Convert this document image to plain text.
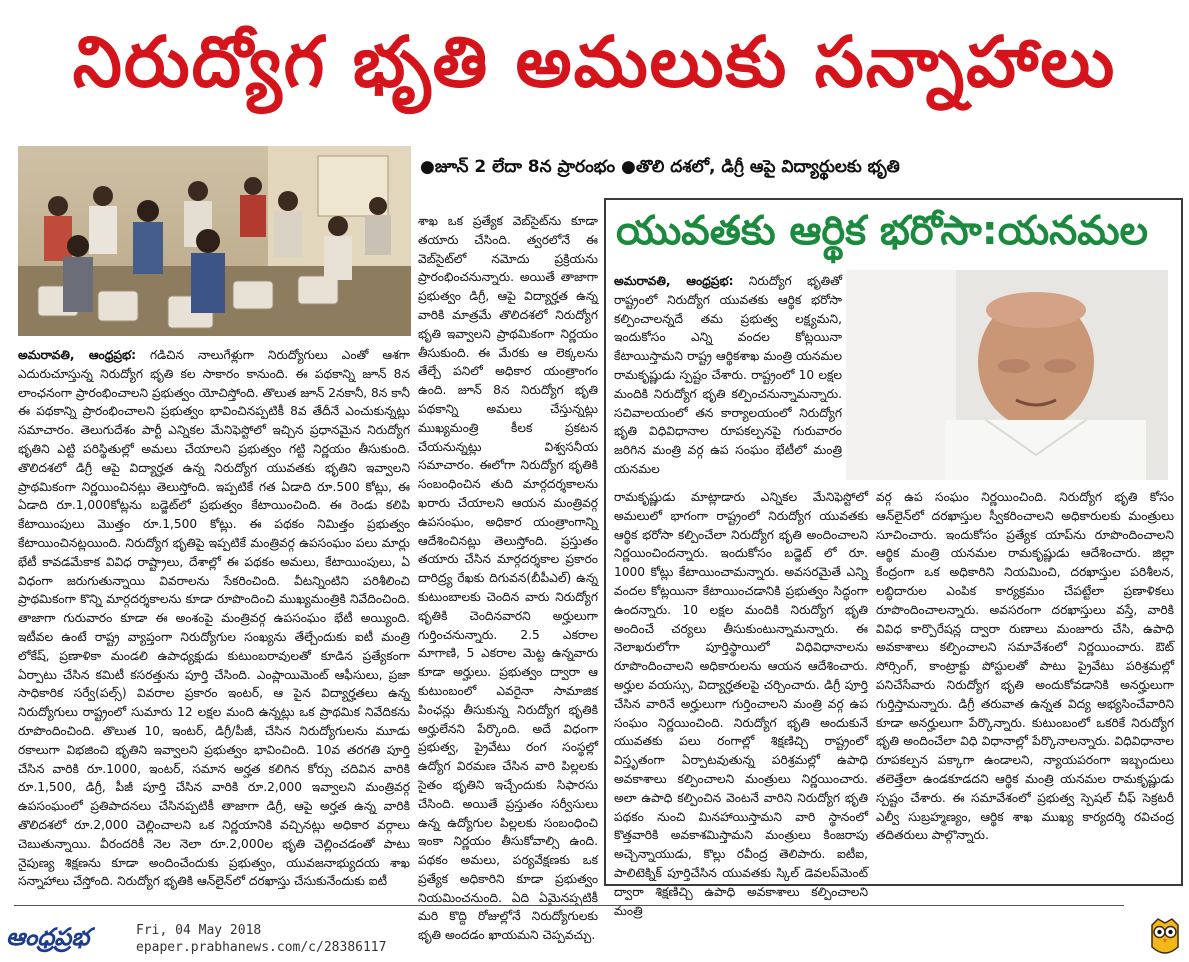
నిరుద్యోగ భృతి అమలుకు సన్నాహాలు
●జూన్ 2 లేదా 8న ప్రారంభం ●తొలి దశలో, డిగ్రీ ఆపై విద్యార్థులకు భృతి
అమరావతి, ఆంధ్రప్రభ: గడిచిన నాలుగేళ్లుగా నిరుద్యోగులు ఎంతో ఆశగా ఎదురుచూస్తున్న నిరుద్యోగ భృతి కల సాకారం కానుంది. ఈ పథకాన్ని జూన్ 8న లాంఛనంగా ప్రారంభించాలని ప్రభుత్వం యోచిస్తోంది. తొలుత జూన్ 2నకానీ, 8న కానీ ఈ పథకాన్ని ప్రారంభించాలని ప్రభుత్వం భావించినప్పటికీ 8వ తేదీనే ఎంచుకున్నట్లు సమాచారం. తెలుగుదేశం పార్టీ ఎన్నికల మేనిఫెస్టోలో ఇచ్చిన ప్రధానమైన నిరుద్యోగ భృతిని ఎట్టి పరిస్థితుల్లో అమలు చేయాలని ప్రభుత్వం గట్టి నిర్ణయం తీసుకుంది. తొలిదశలో డిగ్రీ ఆపై విద్యార్హత ఉన్న నిరుద్యోగ యువతకు భృతిని ఇవ్వాలని ప్రాథమికంగా నిర్ణయించినట్లు తెలుస్తోంది. ఇప్పటికే గత ఏడాది రూ.500 కోట్లు, ఈ ఏడాది రూ.1,000కోట్లను బడ్జెట్‌లో ప్రభుత్వం కేటాయించింది. ఈ రెండు కలిపి కేటాయింపులు మొత్తం రూ.1,500 కోట్లు. ఈ పథకం నిమిత్తం ప్రభుత్వం కేటాయించినట్లయింది. నిరుద్యోగ భృతిపై ఇప్పటికే మంత్రివర్గ ఉపసంఘం పలు మార్లు భేటీ కావడమేకాక వివిధ రాష్ట్రాలు, దేశాల్లో ఈ పథకం అమలు, కేటాయింపులు, ఏ విధంగా జరుగుతున్నాయి వివరాలను సేకరించింది. వీటన్నింటిని పరిశీలించి ప్రాథమికంగా కొన్ని మార్గదర్శకాలను కూడా రూపొందించి ముఖ్యమంత్రికి నివేదించింది. తాజాగా గురువారం కూడా ఈ అంశంపై మంత్రివర్గ ఉపసంఘం భేటీ అయ్యింది. ఇటీవల ఉంటే రాష్ట్ర వ్యాప్తంగా నిరుద్యోగుల సంఖ్యను తేల్చేందుకు ఐటీ మంత్రి లోకేష్, ప్రణాళికా మండలి ఉపాధ్యక్షుడు కుటుంబరావులతో కూడిన ప్రత్యేకంగా ఏర్పాటు చేసిన కమిటీ కసరత్తును పూర్తి చేసింది. ఎంప్లాయిమెంట్ ఆఫీసులు, ప్రజా సాధికారిక సర్వే(పల్స్) వివరాల ప్రకారం ఇంటర్, ఆ పైన విద్యార్హతలు ఉన్న నిరుద్యోగులు రాష్ట్రంలో సుమారు 12 లక్షల మంది ఉన్నట్లు ఒక ప్రాథమిక నివేదికను రూపొందించింది. తొలుత 10, ఇంటర్, డిగ్రీ/పీజీ, చేసిన నిరుద్యోగులను మూడు రకాలుగా విభజించి భృతిని ఇవ్వాలని ప్రభుత్వం భావించింది. 10వ తరగతి పూర్తి చేసిన వారికి రూ.1000, ఇంటర్, సమాన అర్హత కలిగిన కోర్సు చదివిన వారికి రూ.1,500, డిగ్రీ, పీజీ పూర్తి చేసిన వారికి రూ.2,000 ఇవ్వాలని మంత్రివర్గ ఉపసంఘంలో ప్రతిపాదనలు చేసినప్పటికీ తాజాగా డిగ్రీ, ఆపై అర్హత ఉన్న వారికి తొలిదశలో రూ.2,000 చెల్లించాలని ఒక నిర్ణయానికి వచ్చినట్లు అధికార వర్గాలు చెబుతున్నాయి. వీరందరికీ నెల నెలా రూ.2,000ల భృతి చెల్లించడంతో పాటు నైపుణ్య శిక్షణను కూడా అందించేందుకు ప్రభుత్వం, యువజనాభ్యుదయ శాఖ సన్నాహాలు చేస్తోంది. నిరుద్యోగ భృతికి ఆన్‌లైన్‌లో దరఖాస్తు చేసుకునేందుకు ఐటీ
శాఖ ఒక ప్రత్యేక వెబ్‌సైట్‌ను కూడా తయారు చేసింది. త్వరలోనే ఈ వెబ్‌సైట్‌లో నమోదు ప్రక్రియను ప్రారంభించనున్నారు. అయితే తాజాగా ప్రభుత్వం డిగ్రీ, ఆపై విద్యార్హత ఉన్న వారికి మాత్రమే తొలిదశలో నిరుద్యోగ భృతి ఇవ్వాలని ప్రాథమికంగా నిర్ణయం తీసుకుంది. ఈ మేరకు ఆ లెక్కలను తేల్చే పనిలో అధికార యంత్రాంగం ఉంది. జూన్ 8న నిరుద్యోగ భృతి పథకాన్ని అమలు చేస్తున్నట్లు ముఖ్యమంత్రి కీలక ప్రకటన చేయనున్నట్లు విశ్వసనీయ సమాచారం. ఈలోగా నిరుద్యోగ భృతికి సంబంధించిన తుది మార్గదర్శకాలను ఖరారు చేయాలని ఆయన మంత్రివర్గ ఉపసంఘం, అధికార యంత్రాంగాన్ని ఆదేశించినట్లు తెలుస్తోంది. ప్రస్తుతం తయారు చేసిన మార్గదర్శకాల ప్రకారం దారిద్ర్య రేఖకు దిగువన(బీపీఎల్) ఉన్న కుటుంబాలకు చెందిన వారు నిరుద్యోగ భృతికి చెందినవారని అర్హులుగా గుర్తించనున్నారు. 2.5 ఎకరాల మాగాణి, 5 ఎకరాల మెట్ట ఉన్నవారు కూడా అర్హులు. ప్రభుత్వం ద్వారా ఆ కుటుంబంలో ఎవరైనా సామాజిక పింఛన్లు తీసుకున్న నిరుద్యోగ భృతికి అర్హులేనని పేర్కొంది. అదే విధంగా ప్రభుత్వ, ప్రైవేటు రంగ సంస్థల్లో ఉద్యోగ విరమణ చేసిన వారి పిల్లలకు సైతం భృతిని ఇచ్చేందుకు సిఫారసు చేసింది. అయితే ప్రస్తుతం సర్వీసులు ఉన్న ఉద్యోగుల పిల్లలకు సంబంధించి ఇంకా నిర్ణయం తీసుకోవాల్సి ఉంది. పథకం అమలు, పర్యవేక్షణకు ఒక ప్రత్యేక అధికారిని కూడా ప్రభుత్వం నియమించనుంది. ఏది ఏమైనప్పటికీ మరి కొద్ది రోజుల్లోనే నిరుద్యోగులకు భృతి అందడం ఖాయమని చెప్పవచ్చు.
యువతకు ఆర్థిక భరోసా:యనమల
అమరావతి, ఆంధ్రప్రభ: నిరుద్యోగ భృతితో రాష్ట్రంలో నిరుద్యోగ యువతకు ఆర్థిక భరోసా కల్పించాలన్నదే తమ ప్రభుత్వ లక్ష్యమని, ఇందుకోసం ఎన్ని వందల కోట్లయినా కేటాయిస్తామని రాష్ట్ర ఆర్థికశాఖ మంత్రి యనమల రామకృష్ణుడు స్పష్టం చేశారు. రాష్ట్రంలో 10 లక్షల మందికి నిరుద్యోగ భృతి కల్పించనున్నామన్నారు. సచివాలయంలో తన కార్యాలయంలో నిరుద్యోగ భృతి విధివిధానాల రూపకల్పనపై గురువారం జరిగిన మంత్రి వర్గ ఉప సంఘం భేటీలో మంత్రి యనమల
రామకృష్ణుడు మాట్లాడారు ఎన్నికల మేనిఫెస్టోలో అమలులో భాగంగా రాష్ట్రంలో నిరుద్యోగ యువతకు ఆర్థిక భరోసా కల్పించేలా నిరుద్యోగ భృతి అందించాలని నిర్ణయించిందన్నారు. ఇందుకోసం బడ్జెట్ లో రూ. 1000 కోట్లు కేటాయించామన్నారు. అవసరమైతే ఎన్ని వందల కోట్లయినా కేటాయించడానికి ప్రభుత్వం సిద్ధంగా ఉందన్నారు. 10 లక్షల మందికి నిరుద్యోగ భృతి అందించే చర్యలు తీసుకుంటున్నామన్నారు. ఈ నెలాఖరులోగా పూర్తిస్థాయిలో విధివిధానాలను రూపొందించాలని అధికారులను ఆయన ఆదేశించారు. అర్హుల వయస్సు, విద్యార్హతలపై చర్చించారు. డిగ్రీ పూర్తి చేసిన వారినే అర్హులుగా గుర్తించాలని మంత్రి వర్గ ఉప సంఘం నిర్ణయించింది. నిరుద్యోగ భృతి అందుకునే యువతకు పలు రంగాల్లో శిక్షణిచ్చి రాష్ట్రంలో విస్తృతంగా ఏర్పాటవుతున్న పరిశ్రమల్లో ఉపాధి అవకాశాలు కల్పించాలని మంత్రులు నిర్ణయించారు. అలా ఉపాధి కల్పించిన వెంటనే వారిని నిరుద్యోగ భృతి పథకం నుంచి మినహాయిస్తామని వారి స్థానంలో కొత్తవారికి అవకాశమిస్తామని మంత్రులు కింజరాపు అచ్చెన్నాయుడు, కొల్లు రవీంద్ర తెలిపారు. ఐటీఐ, పాలిటెక్నిక్ పూర్తిచేసిన యువతకు స్కిల్ డెవలప్‌మెంట్ ద్వారా శిక్షణిచ్చి ఉపాధి అవకాశాలు కల్పించాలని మంత్రి
వర్గ ఉప సంఘం నిర్ణయించింది. నిరుద్యోగ భృతి కోసం ఆన్‌లైన్‌లో దరఖాస్తుల స్వీకరించాలని అధికారులకు మంత్రులు సూచించారు. ఇందుకోసం ప్రత్యేక యాప్‌ను రూపొందించాలని ఆర్థిక మంత్రి యనమల రామకృష్ణుడు ఆదేశించారు. జిల్లా కేంద్రంగా ఒక అధికారిని నియమించి, దరఖాస్తుల పరిశీలన, లబ్ధిదారుల ఎంపిక కార్యక్రమం చేపట్టేలా ప్రణాళికలు రూపొందించాలన్నారు. అవసరంగా దరఖాస్తులు వస్తే, వారికి వివిధ కార్పొరేషన్ల ద్వారా రుణాలు మంజూరు చేసి, ఉపాధి అవకాశాలు కల్పించాలని సమావేశంలో నిర్ణయించారు. ఔట్ సోర్సింగ్, కాంట్రాక్టు పోస్టులతో పాటు ప్రైవేటు పరిశ్రమల్లో పనిచేసేవారు నిరుద్యోగ భృతి అందుకోవడానికి అనర్హులుగా గుర్తిస్తామన్నారు. డిగ్రీ తరువాత ఉన్నత విద్య అభ్యసించేవారిని కూడా అనర్హులుగా పేర్కొన్నారు. కుటుంబంలో ఒకరికే నిరుద్యోగ భృతి అందించేలా విధి విధానాల్లో పేర్కొనాలన్నారు. విధివిధానాల రూపకల్పన పక్కాగా ఉండాలని, న్యాయపరంగా ఇబ్బందులు తలెత్తేలా ఉండకూడదని ఆర్థిక మంత్రి యనమల రామకృష్ణుడు స్పష్టం చేశారు. ఈ సమావేశంలో ప్రభుత్వ స్పెషల్ చీఫ్ సెక్రటరీ ఎల్వీ సుబ్రహ్మణ్యం, ఆర్థిక శాఖ ముఖ్య కార్యదర్శి రవిచంద్ర తదితరులు పాల్గొన్నారు.
ఆంధ్రప్రభ	Fri, 04 May 2018
epaper.prabhanews.com/c/28386117
